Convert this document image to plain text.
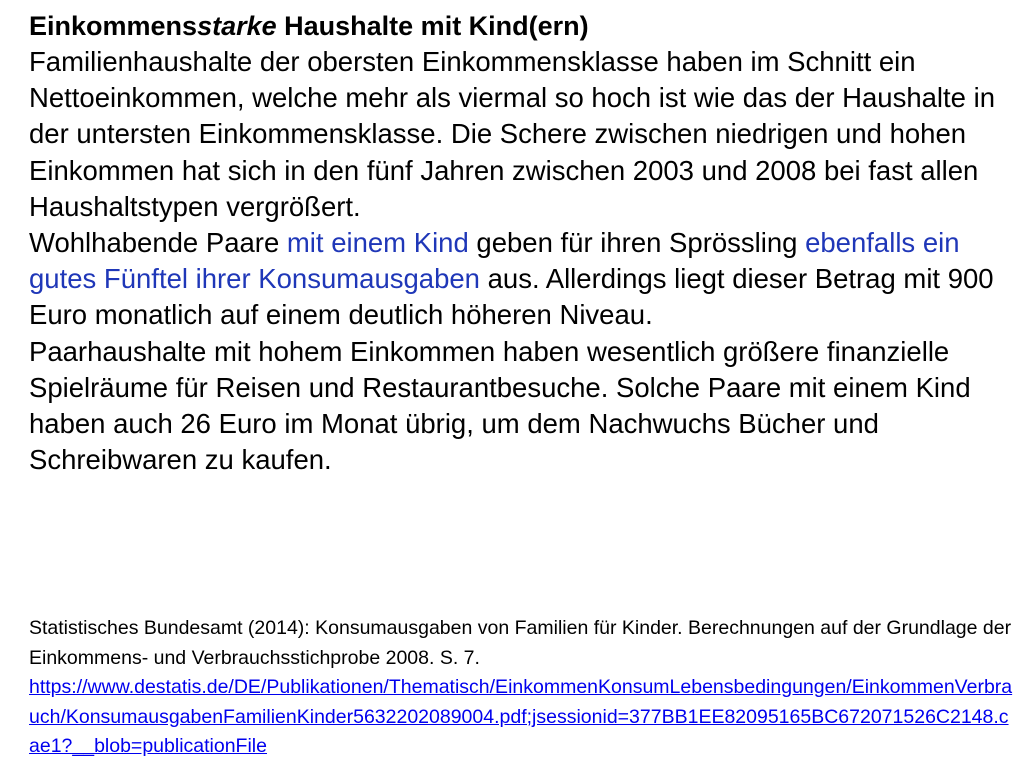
Einkommensstarke Haushalte mit Kind(ern)

Familienhaushalte der obersten Einkommensklasse haben im Schnitt ein Nettoeinkommen, welche mehr als viermal so hoch ist wie das der Haushalte in der untersten Einkommensklasse. Die Schere zwischen niedrigen und hohen Einkommen hat sich in den fünf Jahren zwischen 2003 und 2008 bei fast allen Haushaltstypen vergrößert.

Wohlhabende Paare mit einem Kind geben für ihren Sprössling ebenfalls ein gutes Fünftel ihrer Konsumausgaben aus. Allerdings liegt dieser Betrag mit 900 Euro monatlich auf einem deutlich höheren Niveau.

Paarhaushalte mit hohem Einkommen haben wesentlich größere finanzielle Spielräume für Reisen und Restaurantbesuche. Solche Paare mit einem Kind haben auch 26 Euro im Monat übrig, um dem Nachwuchs Bücher und Schreibwaren zu kaufen.

Statistisches Bundesamt (2014): Konsumausgaben von Familien für Kinder. Berechnungen auf der Grundlage der Einkommens- und Verbrauchsstichprobe 2008. S. 7.

https://www.destatis.de/DE/Publikationen/Thematisch/EinkommenKonsumLebensbedingungen/EinkommenVerbrauch/KonsumausgabenFamilienKinder5632202089004.pdf;jsessionid=377BB1EE82095165BC672071526C2148.cae1?__blob=publicationFile
